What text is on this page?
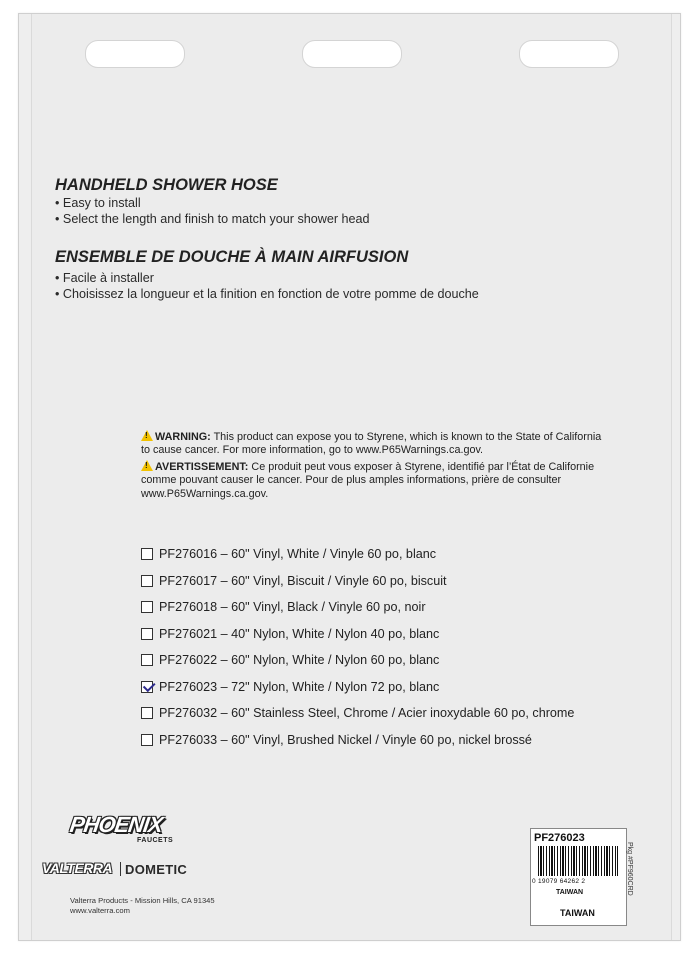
HANDHELD SHOWER HOSE
• Easy to install
• Select the length and finish to match your shower head
ENSEMBLE DE DOUCHE À MAIN AIRFUSION
• Facile à installer
• Choisissez la longueur et la finition en fonction de votre pomme de douche
!WARNING: This product can expose you to Styrene, which is known to the State of California
to cause cancer. For more information, go to www.P65Warnings.ca.gov.
!AVERTISSEMENT: Ce produit peut vous exposer à Styrene, identifié par l’État de Californie
comme pouvant causer le cancer. Pour de plus amples informations, prière de consulter
www.P65Warnings.ca.gov.
PF276016 – 60" Vinyl, White / Vinyle 60 po, blanc
PF276017 – 60" Vinyl, Biscuit / Vinyle 60 po, biscuit
PF276018 – 60" Vinyl, Black / Vinyle 60 po, noir
PF276021 – 40" Nylon, White / Nylon 40 po, blanc
PF276022 – 60" Nylon, White / Nylon 60 po, blanc
PF276023 – 72" Nylon, White / Nylon 72 po, blanc
PF276032 – 60" Stainless Steel, Chrome / Acier inoxydable 60 po, chrome
PF276033 – 60" Vinyl, Brushed Nickel / Vinyle 60 po, nickel brossé
PHOENIX
FAUCETS
VALTERRA DOMETIC
Valterra Products - Mission Hills, CA 91345
www.valterra.com
PF276023
0 19079 64262 2
TAIWAN
TAIWAN
Pkg #PF960CRD
